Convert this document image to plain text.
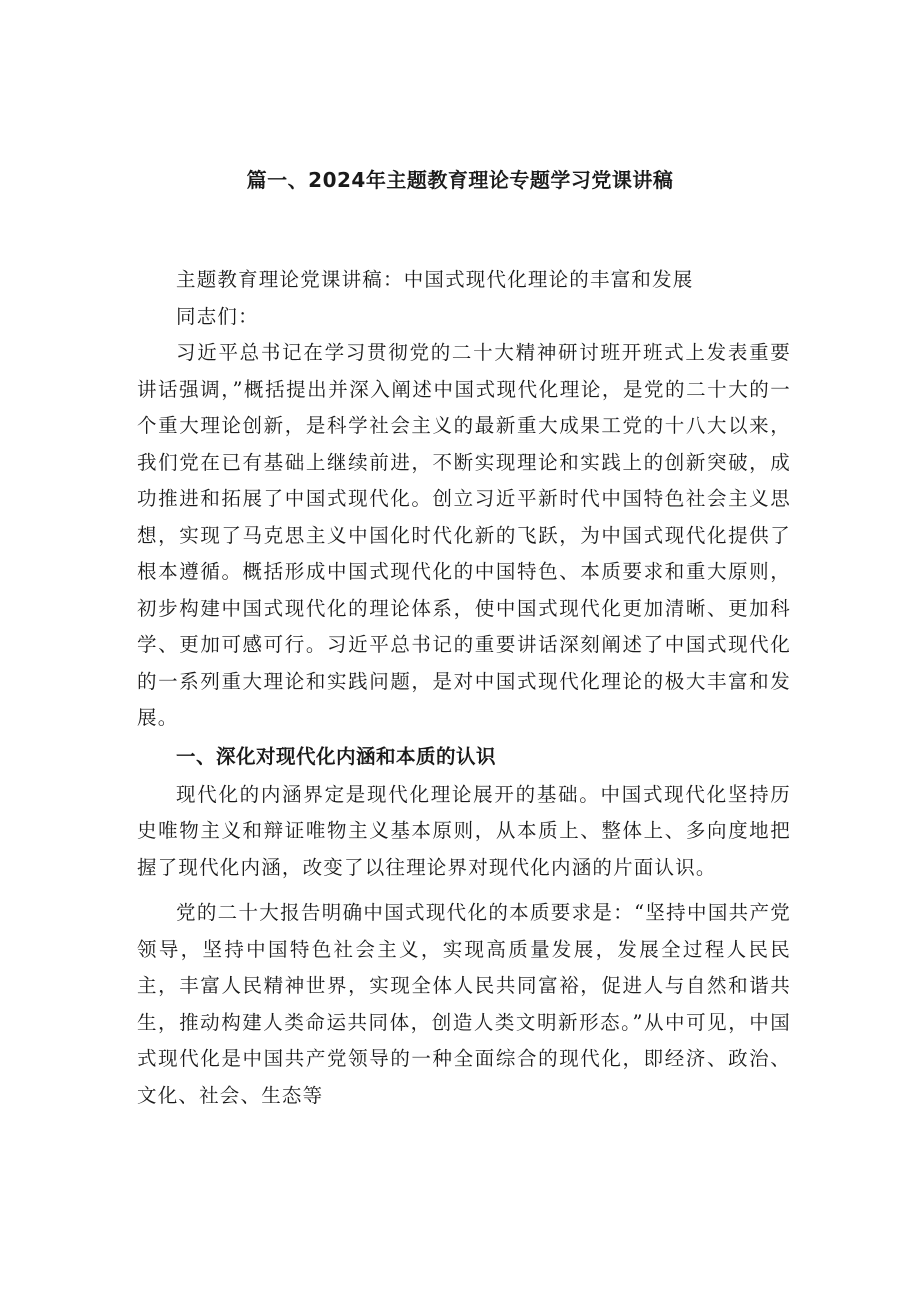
篇一、2024年主题教育理论专题学习党课讲稿

主题教育理论党课讲稿：中国式现代化理论的丰富和发展

同志们：

习近平总书记在学习贯彻党的二十大精神研讨班开班式上发表重要讲话强调，”概括提出并深入阐述中国式现代化理论，是党的二十大的一个重大理论创新，是科学社会主义的最新重大成果工党的十八大以来，我们党在已有基础上继续前进，不断实现理论和实践上的创新突破，成功推进和拓展了中国式现代化。创立习近平新时代中国特色社会主义思想，实现了马克思主义中国化时代化新的飞跃，为中国式现代化提供了根本遵循。概括形成中国式现代化的中国特色、本质要求和重大原则，初步构建中国式现代化的理论体系，使中国式现代化更加清晰、更加科学、更加可感可行。习近平总书记的重要讲话深刻阐述了中国式现代化的一系列重大理论和实践问题，是对中国式现代化理论的极大丰富和发展。

一、深化对现代化内涵和本质的认识

现代化的内涵界定是现代化理论展开的基础。中国式现代化坚持历史唯物主义和辩证唯物主义基本原则，从本质上、整体上、多向度地把握了现代化内涵，改变了以往理论界对现代化内涵的片面认识。

党的二十大报告明确中国式现代化的本质要求是：“坚持中国共产党领导，坚持中国特色社会主义，实现高质量发展，发展全过程人民民主，丰富人民精神世界，实现全体人民共同富裕，促进人与自然和谐共生，推动构建人类命运共同体，创造人类文明新形态。”从中可见，中国式现代化是中国共产党领导的一种全面综合的现代化，即经济、政治、文化、社会、生态等
